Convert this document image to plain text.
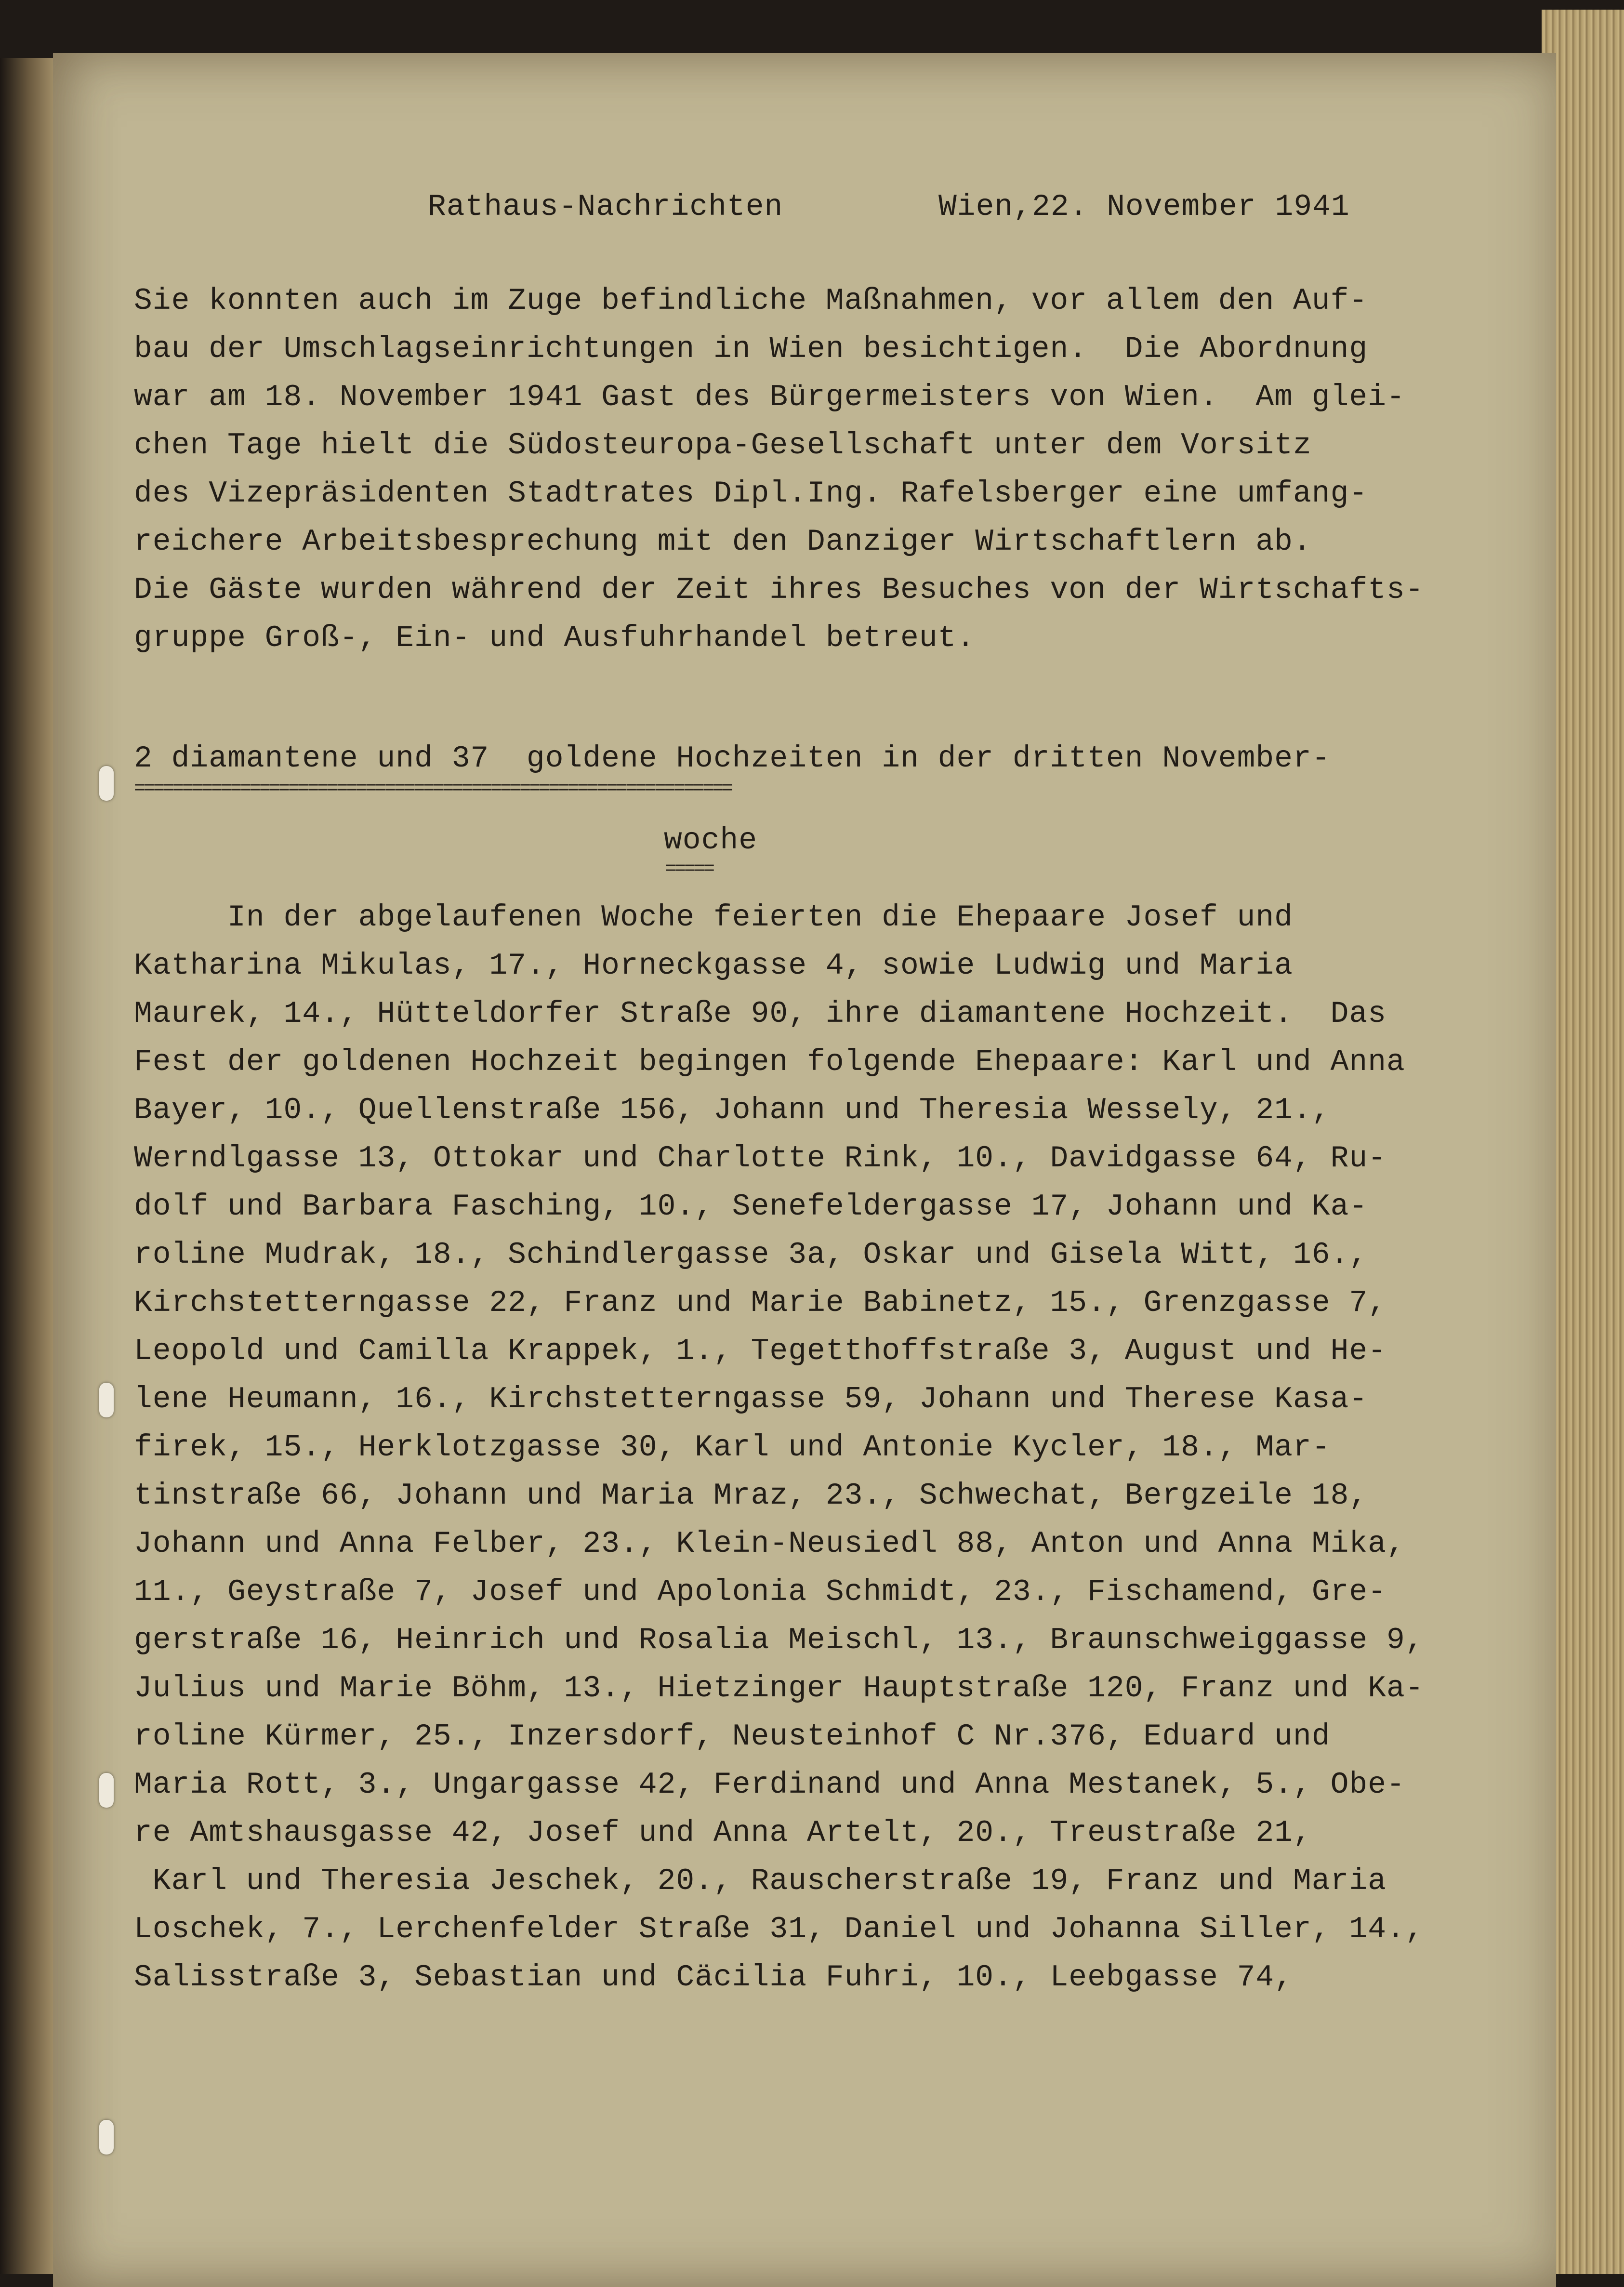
Rathaus-Nachrichten	Wien,22. November 1941
Sie konnten auch im Zuge befindliche Maßnahmen, vor allem den Auf-
bau der Umschlagseinrichtungen in Wien besichtigen.  Die Abordnung
war am 18. November 1941 Gast des Bürgermeisters von Wien.  Am glei-
chen Tage hielt die Südosteuropa-Gesellschaft unter dem Vorsitz
des Vizepräsidenten Stadtrates Dipl.Ing. Rafelsberger eine umfang-
reichere Arbeitsbesprechung mit den Danziger Wirtschaftlern ab.
Die Gäste wurden während der Zeit ihres Besuches von der Wirtschafts-
gruppe Groß-, Ein- und Ausfuhrhandel betreut.
2 diamantene und 37  goldene Hochzeiten in der dritten November-
==============================================================
woche
=====
In der abgelaufenen Woche feierten die Ehepaare Josef und
Katharina Mikulas, 17., Horneckgasse 4, sowie Ludwig und Maria
Maurek, 14., Hütteldorfer Straße 90, ihre diamantene Hochzeit.  Das
Fest der goldenen Hochzeit begingen folgende Ehepaare: Karl und Anna
Bayer, 10., Quellenstraße 156, Johann und Theresia Wessely, 21.,
Werndlgasse 13, Ottokar und Charlotte Rink, 10., Davidgasse 64, Ru-
dolf und Barbara Fasching, 10., Senefeldergasse 17, Johann und Ka-
roline Mudrak, 18., Schindlergasse 3a, Oskar und Gisela Witt, 16.,
Kirchstetterngasse 22, Franz und Marie Babinetz, 15., Grenzgasse 7,
Leopold und Camilla Krappek, 1., Tegetthoffstraße 3, August und He-
lene Heumann, 16., Kirchstetterngasse 59, Johann und Therese Kasa-
firek, 15., Herklotzgasse 30, Karl und Antonie Kycler, 18., Mar-
tinstraße 66, Johann und Maria Mraz, 23., Schwechat, Bergzeile 18,
Johann und Anna Felber, 23., Klein-Neusiedl 88, Anton und Anna Mika,
11., Geystraße 7, Josef und Apolonia Schmidt, 23., Fischamend, Gre-
gerstraße 16, Heinrich und Rosalia Meischl, 13., Braunschweiggasse 9,
Julius und Marie Böhm, 13., Hietzinger Hauptstraße 120, Franz und Ka-
roline Kürmer, 25., Inzersdorf, Neusteinhof C Nr.376, Eduard und
Maria Rott, 3., Ungargasse 42, Ferdinand und Anna Mestanek, 5., Obe-
re Amtshausgasse 42, Josef und Anna Artelt, 20., Treustraße 21,
Karl und Theresia Jeschek, 20., Rauscherstraße 19, Franz und Maria
Loschek, 7., Lerchenfelder Straße 31, Daniel und Johanna Siller, 14.,
Salisstraße 3, Sebastian und Cäcilia Fuhri, 10., Leebgasse 74,
